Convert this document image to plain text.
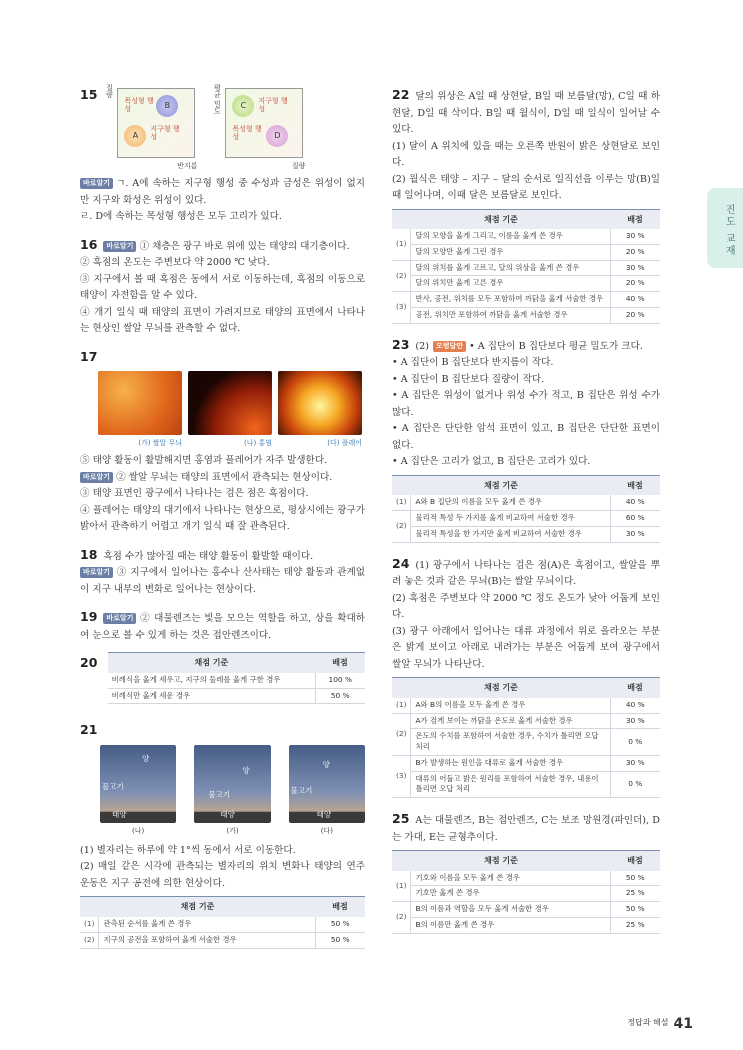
진도 교재
15 질량
목성형 행성	B
지구형 행성
A
반지름
평균 밀도	C	지구형 행성
목성형 행성	D
질량

바로알기 ㄱ. A에 속하는 지구형 행성 중 수성과 금성은 위성이 없지만 지구와 화성은 위성이 있다.

ㄹ. D에 속하는 목성형 행성은 모두 고리가 있다.

16 바로알기 ① 채층은 광구 바로 위에 있는 태양의 대기층이다.

② 흑점의 온도는 주변보다 약 2000 ℃ 낮다.

③ 지구에서 볼 때 흑점은 동에서 서로 이동하는데, 흑점의 이동으로 태양이 자전함을 알 수 있다.

④ 개기 일식 때 태양의 표면이 가려지므로 태양의 표면에서 나타나는 현상인 쌀알 무늬를 관측할 수 없다.

17
(가) 쌀알 무늬	(나) 홍염	(다) 플레어

⑤ 태양 활동이 활발해지면 홍염과 플레어가 자주 발생한다.

바로알기 ② 쌀알 무늬는 태양의 표면에서 관측되는 현상이다.

③ 태양 표면인 광구에서 나타나는 검은 점은 흑점이다.

④ 플레어는 태양의 대기에서 나타나는 현상으로, 평상시에는 광구가 밝아서 관측하기 어렵고 개기 일식 때 잘 관측된다.

18 흑점 수가 많아질 때는 태양 활동이 활발할 때이다.

바로알기 ③ 지구에서 일어나는 홍수나 산사태는 태양 활동과 관계없이 지구 내부의 변화로 일어나는 현상이다.

19 바로알기 ② 대물렌즈는 빛을 모으는 역할을 하고, 상을 확대하여 눈으로 볼 수 있게 하는 것은 접안렌즈이다.

20	채점 기준	배점
비례식을 옳게 세우고, 지구의 둘레를 옳게 구한 경우	100 %
비례식만 옳게 세운 경우	50 %
21
양
물고기
태양
양
물고기
태양
양
물고기
태양
(나)	(가)	(다)

(1) 별자리는 하루에 약 1°씩 동에서 서로 이동한다.

(2) 매일 같은 시각에 관측되는 별자리의 위치 변화나 태양의 연주 운동은 지구 공전에 의한 현상이다.

채점 기준		배점
(1)	관측된 순서를 옳게 쓴 경우	50 %
(2)	지구의 공전을 포함하여 옳게 서술한 경우	50 %

22 달의 위상은 A일 때 상현달, B일 때 보름달(망), C일 때 하현달, D일 때 삭이다. B일 때 월식이, D일 때 일식이 일어날 수 있다.

(1) 달이 A 위치에 있을 때는 오른쪽 반원이 밝은 상현달로 보인다.

(2) 월식은 태양 – 지구 – 달의 순서로 일직선을 이루는 망(B)일 때 일어나며, 이때 달은 보름달로 보인다.

채점 기준		배점
(1)	달의 모양을 옳게 그리고, 이름을 옳게 쓴 경우	30 %
	달의 모양만 옳게 그린 경우	20 %
(2)	달의 위치를 옳게 고르고, 달의 위상을 옳게 쓴 경우	30 %
	달의 위치만 옳게 고른 경우	20 %
(3)	반사, 공전, 위치를 모두 포함하여 까닭을 옳게 서술한 경우	40 %
	공전, 위치만 포함하여 까닭을 옳게 서술한 경우	20 %

23 (2) 모범답안 • A 집단이 B 집단보다 평균 밀도가 크다.

• A 집단이 B 집단보다 반지름이 작다.

• A 집단이 B 집단보다 질량이 작다.

• A 집단은 위성이 없거나 위성 수가 적고, B 집단은 위성 수가 많다.

• A 집단은 단단한 암석 표면이 있고, B 집단은 단단한 표면이 없다.

• A 집단은 고리가 없고, B 집단은 고리가 있다.

채점 기준		배점
(1)	A와 B 집단의 이름을 모두 옳게 쓴 경우	40 %
(2)	물리적 특성 두 가지를 옳게 비교하여 서술한 경우	60 %
	물리적 특성을 한 가지만 옳게 비교하여 서술한 경우	30 %

24 (1) 광구에서 나타나는 검은 점(A)은 흑점이고, 쌀알을 뿌려 놓은 것과 같은 무늬(B)는 쌀알 무늬이다.

(2) 흑점은 주변보다 약 2000 ℃ 정도 온도가 낮아 어둡게 보인다.

(3) 광구 아래에서 일어나는 대류 과정에서 위로 올라오는 부분은 밝게 보이고 아래로 내려가는 부분은 어둡게 보여 광구에서 쌀알 무늬가 나타난다.

채점 기준		배점
(1)	A와 B의 이름을 모두 옳게 쓴 경우	40 %
(2)	A가 검게 보이는 까닭을 온도로 옳게 서술한 경우	30 %
	온도의 수치를 포함하여 서술한 경우, 수치가 틀리면 오답 처리	0 %
(3)	B가 발생하는 원인을 대류로 옳게 서술한 경우	30 %
	대류의 어둡고 밝은 원리를 포함하여 서술한 경우, 내용이 틀리면 오답 처리	0 %

25 A는 대물렌즈, B는 접안렌즈, C는 보조 망원경(파인더), D는 가대, E는 균형추이다.

채점 기준		배점
(1)	기호와 이름을 모두 옳게 쓴 경우	50 %
	기호만 옳게 쓴 경우	25 %
(2)	B의 이름과 역할을 모두 옳게 서술한 경우	50 %
	B의 이름만 옳게 쓴 경우	25 %
$^{정답과 해설}$ 41
